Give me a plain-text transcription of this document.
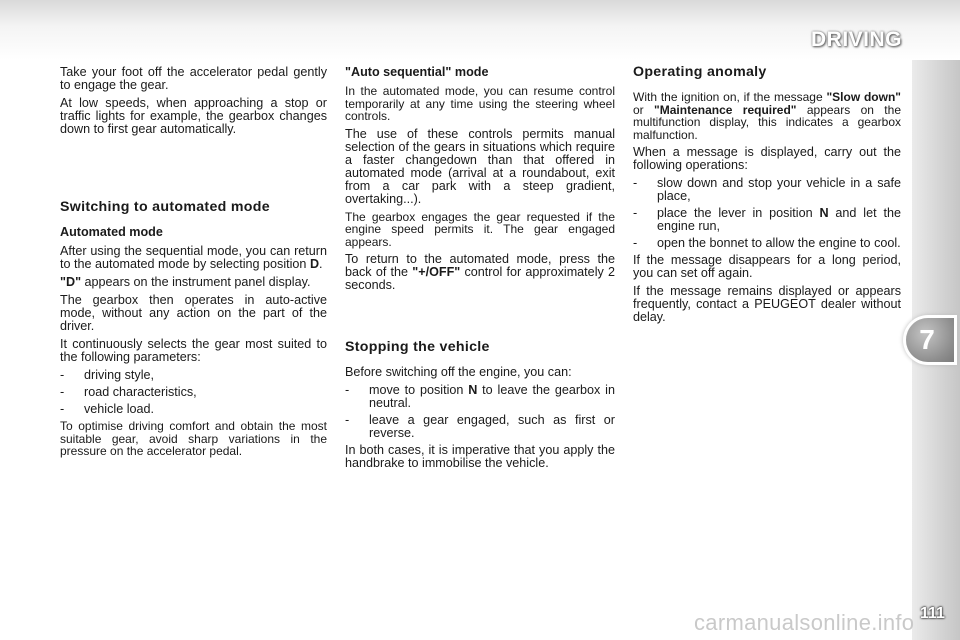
DRIVING
7

Take your foot off the accelerator pedal gently to engage the gear.

At low speeds, when approaching a stop or traffic lights for example, the gearbox changes down to first gear automatically.

Switching to automated mode
Automated mode

After using the sequential mode, you can return to the automated mode by selecting position D.

"D" appears on the instrument panel display.

The gearbox then operates in auto-active mode, without any action on the part of the driver.

It continuously selects the gear most suited to the following parameters:

-	driving style,
-	road characteristics,
-	vehicle load.

To optimise driving comfort and obtain the most suitable gear, avoid sharp variations in the pressure on the accelerator pedal.

"Auto sequential" mode

In the automated mode, you can resume control temporarily at any time using the steering wheel controls.

The use of these controls permits manual selection of the gears in situations which require a faster changedown than that offered in automated mode (arrival at a roundabout, exit from a car park with a steep gradient, overtaking...).

The gearbox engages the gear requested if the engine speed permits it. The gear engaged appears.

To return to the automated mode, press the back of the "+/OFF" control for approximately 2 seconds.

Stopping the vehicle

Before switching off the engine, you can:

-	move to position N to leave the gearbox in neutral.
-	leave a gear engaged, such as first or reverse.

In both cases, it is imperative that you apply the handbrake to immobilise the vehicle.

Operating anomaly

With the ignition on, if the message "Slow down" or "Maintenance required" appears on the multifunction display, this indicates a gearbox malfunction.

When a message is displayed, carry out the following operations:

-	slow down and stop your vehicle in a safe place,
-	place the lever in position N and let the engine run,
-	open the bonnet to allow the engine to cool.

If the message disappears for a long period, you can set off again.

If the message remains displayed or appears frequently, contact a PEUGEOT dealer without delay.

carmanualsonline.info 111
